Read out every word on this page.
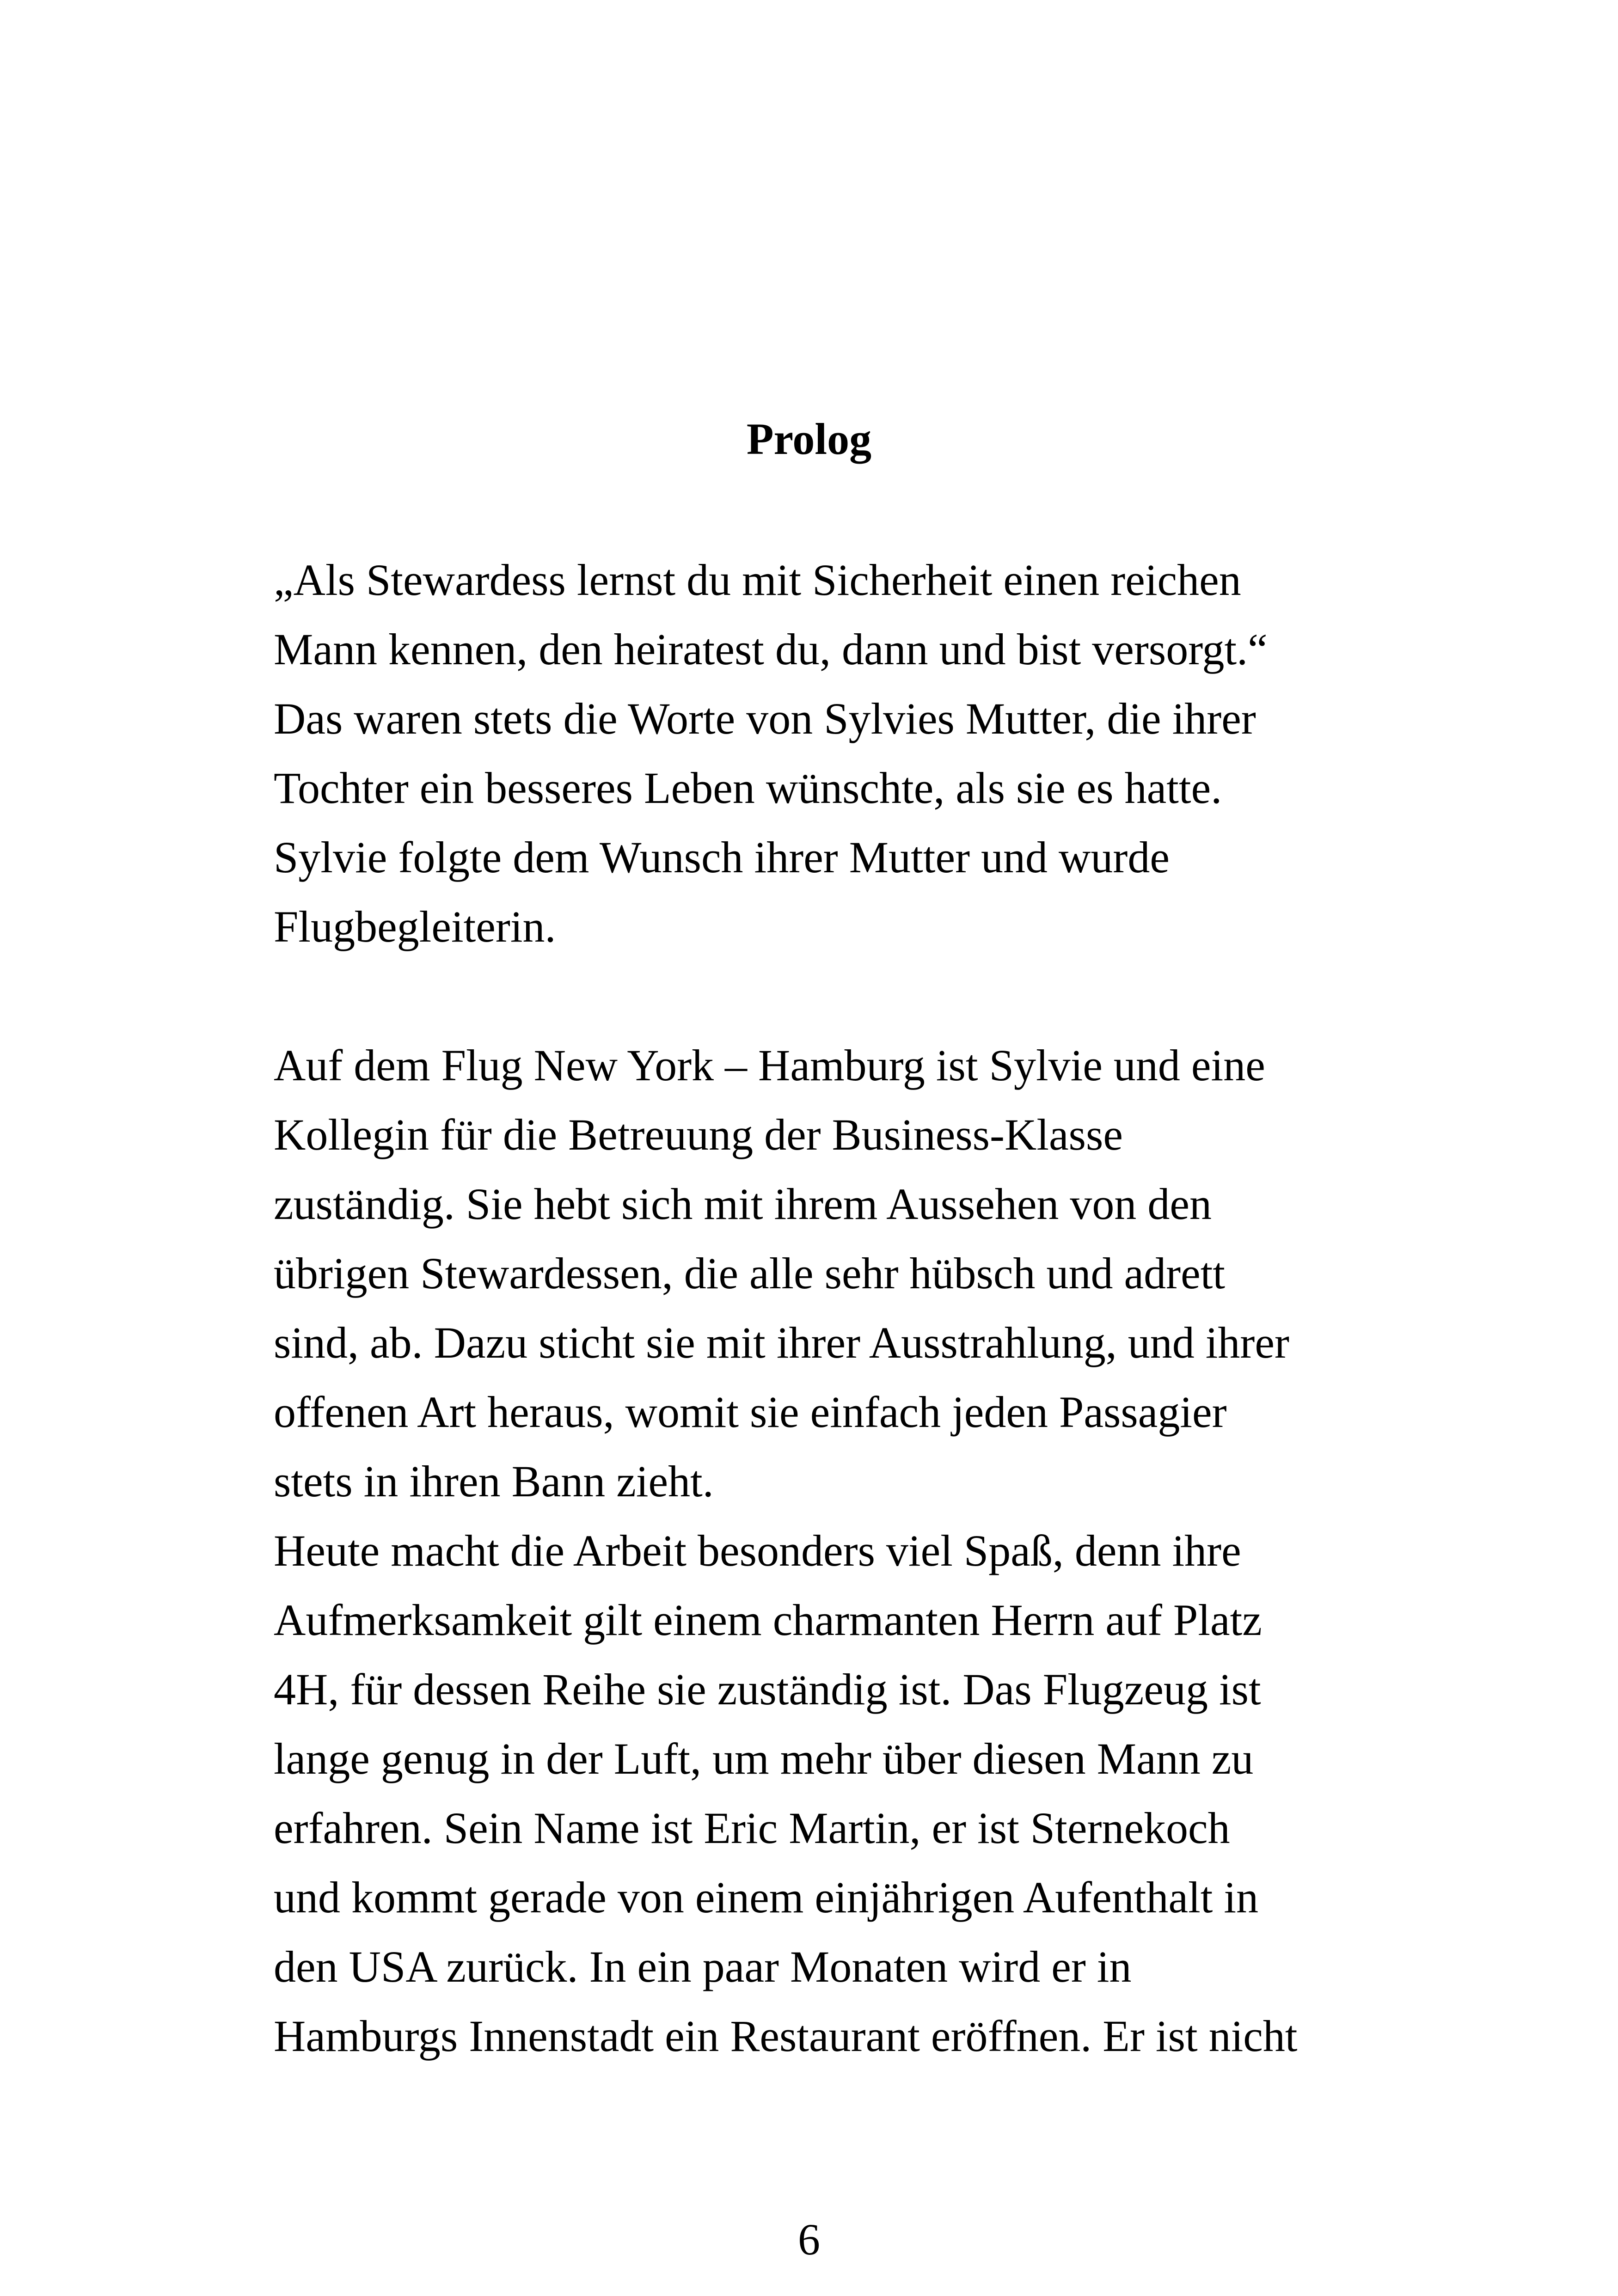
Prolog
„Als Stewardess lernst du mit Sicherheit einen reichen
Mann kennen, den heiratest du, dann und bist versorgt.“
Das waren stets die Worte von Sylvies Mutter, die ihrer
Tochter ein besseres Leben wünschte, als sie es hatte.
Sylvie folgte dem Wunsch ihrer Mutter und wurde
Flugbegleiterin.
Auf dem Flug New York – Hamburg ist Sylvie und eine
Kollegin für die Betreuung der Business-Klasse
zuständig. Sie hebt sich mit ihrem Aussehen von den
übrigen Stewardessen, die alle sehr hübsch und adrett
sind, ab. Dazu sticht sie mit ihrer Ausstrahlung, und ihrer
offenen Art heraus, womit sie einfach jeden Passagier
stets in ihren Bann zieht.
Heute macht die Arbeit besonders viel Spaß, denn ihre
Aufmerksamkeit gilt einem charmanten Herrn auf Platz
4H, für dessen Reihe sie zuständig ist. Das Flugzeug ist
lange genug in der Luft, um mehr über diesen Mann zu
erfahren. Sein Name ist Eric Martin, er ist Sternekoch
und kommt gerade von einem einjährigen Aufenthalt in
den USA zurück. In ein paar Monaten wird er in
Hamburgs Innenstadt ein Restaurant eröffnen. Er ist nicht
6
